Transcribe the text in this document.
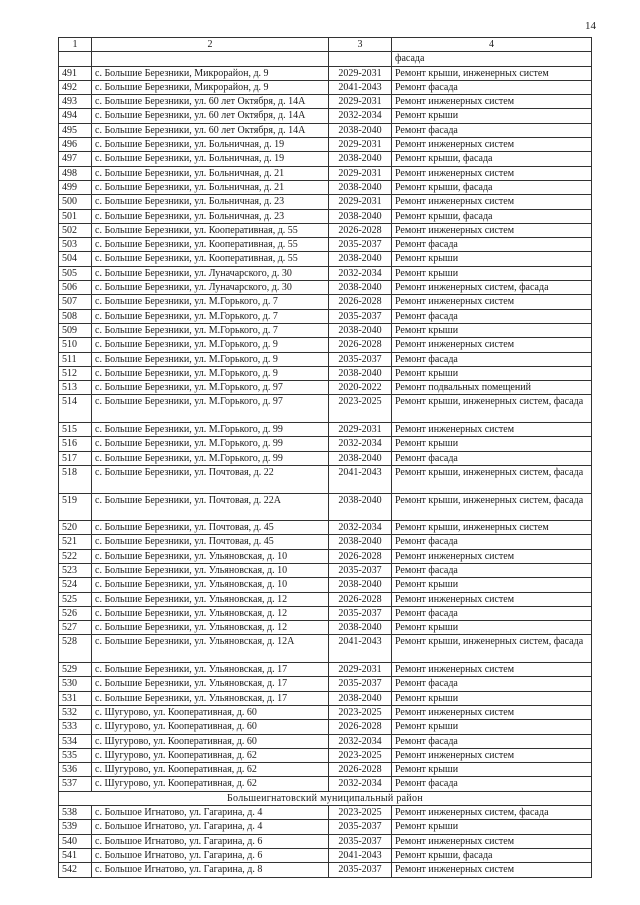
14
1	2	3	4
			фасада
491	с. Большие Березники, Микрорайон, д. 9	2029-2031	Ремонт крыши, инженерных систем
492	с. Большие Березники, Микрорайон, д. 9	2041-2043	Ремонт фасада
493	с. Большие Березники, ул. 60 лет Октября, д. 14А	2029-2031	Ремонт инженерных систем
494	с. Большие Березники, ул. 60 лет Октября, д. 14А	2032-2034	Ремонт крыши
495	с. Большие Березники, ул. 60 лет Октября, д. 14А	2038-2040	Ремонт фасада
496	с. Большие Березники, ул. Больничная, д. 19	2029-2031	Ремонт инженерных систем
497	с. Большие Березники, ул. Больничная, д. 19	2038-2040	Ремонт крыши, фасада
498	с. Большие Березники, ул. Больничная, д. 21	2029-2031	Ремонт инженерных систем
499	с. Большие Березники, ул. Больничная, д. 21	2038-2040	Ремонт крыши, фасада
500	с. Большие Березники, ул. Больничная, д. 23	2029-2031	Ремонт инженерных систем
501	с. Большие Березники, ул. Больничная, д. 23	2038-2040	Ремонт крыши, фасада
502	с. Большие Березники, ул. Кооперативная, д. 55	2026-2028	Ремонт инженерных систем
503	с. Большие Березники, ул. Кооперативная, д. 55	2035-2037	Ремонт фасада
504	с. Большие Березники, ул. Кооперативная, д. 55	2038-2040	Ремонт крыши
505	с. Большие Березники, ул. Луначарского, д. 30	2032-2034	Ремонт крыши
506	с. Большие Березники, ул. Луначарского, д. 30	2038-2040	Ремонт инженерных систем, фасада
507	с. Большие Березники, ул. М.Горького, д. 7	2026-2028	Ремонт инженерных систем
508	с. Большие Березники, ул. М.Горького, д. 7	2035-2037	Ремонт фасада
509	с. Большие Березники, ул. М.Горького, д. 7	2038-2040	Ремонт крыши
510	с. Большие Березники, ул. М.Горького, д. 9	2026-2028	Ремонт инженерных систем
511	с. Большие Березники, ул. М.Горького, д. 9	2035-2037	Ремонт фасада
512	с. Большие Березники, ул. М.Горького, д. 9	2038-2040	Ремонт крыши
513	с. Большие Березники, ул. М.Горького, д. 97	2020-2022	Ремонт подвальных помещений
514	с. Большие Березники, ул. М.Горького, д. 97	2023-2025	Ремонт крыши, инженерных систем, фасада
515	с. Большие Березники, ул. М.Горького, д. 99	2029-2031	Ремонт инженерных систем
516	с. Большие Березники, ул. М.Горького, д. 99	2032-2034	Ремонт крыши
517	с. Большие Березники, ул. М.Горького, д. 99	2038-2040	Ремонт фасада
518	с. Большие Березники, ул. Почтовая, д. 22	2041-2043	Ремонт крыши, инженерных систем, фасада
519	с. Большие Березники, ул. Почтовая, д. 22А	2038-2040	Ремонт крыши, инженерных систем, фасада
520	с. Большие Березники, ул. Почтовая, д. 45	2032-2034	Ремонт крыши, инженерных систем
521	с. Большие Березники, ул. Почтовая, д. 45	2038-2040	Ремонт фасада
522	с. Большие Березники, ул. Ульяновская, д. 10	2026-2028	Ремонт инженерных систем
523	с. Большие Березники, ул. Ульяновская, д. 10	2035-2037	Ремонт фасада
524	с. Большие Березники, ул. Ульяновская, д. 10	2038-2040	Ремонт крыши
525	с. Большие Березники, ул. Ульяновская, д. 12	2026-2028	Ремонт инженерных систем
526	с. Большие Березники, ул. Ульяновская, д. 12	2035-2037	Ремонт фасада
527	с. Большие Березники, ул. Ульяновская, д. 12	2038-2040	Ремонт крыши
528	с. Большие Березники, ул. Ульяновская, д. 12А	2041-2043	Ремонт крыши, инженерных систем, фасада
529	с. Большие Березники, ул. Ульяновская, д. 17	2029-2031	Ремонт инженерных систем
530	с. Большие Березники, ул. Ульяновская, д. 17	2035-2037	Ремонт фасада
531	с. Большие Березники, ул. Ульяновская, д. 17	2038-2040	Ремонт крыши
532	с. Шугурово, ул. Кооперативная, д. 60	2023-2025	Ремонт инженерных систем
533	с. Шугурово, ул. Кооперативная, д. 60	2026-2028	Ремонт крыши
534	с. Шугурово, ул. Кооперативная, д. 60	2032-2034	Ремонт фасада
535	с. Шугурово, ул. Кооперативная, д. 62	2023-2025	Ремонт инженерных систем
536	с. Шугурово, ул. Кооперативная, д. 62	2026-2028	Ремонт крыши
537	с. Шугурово, ул. Кооперативная, д. 62	2032-2034	Ремонт фасада
Большеигнатовский муниципальный район			
538	с. Большое Игнатово, ул. Гагарина, д. 4	2023-2025	Ремонт инженерных систем, фасада
539	с. Большое Игнатово, ул. Гагарина, д. 4	2035-2037	Ремонт крыши
540	с. Большое Игнатово, ул. Гагарина, д. 6	2035-2037	Ремонт инженерных систем
541	с. Большое Игнатово, ул. Гагарина, д. 6	2041-2043	Ремонт крыши, фасада
542	с. Большое Игнатово, ул. Гагарина, д. 8	2035-2037	Ремонт инженерных систем
